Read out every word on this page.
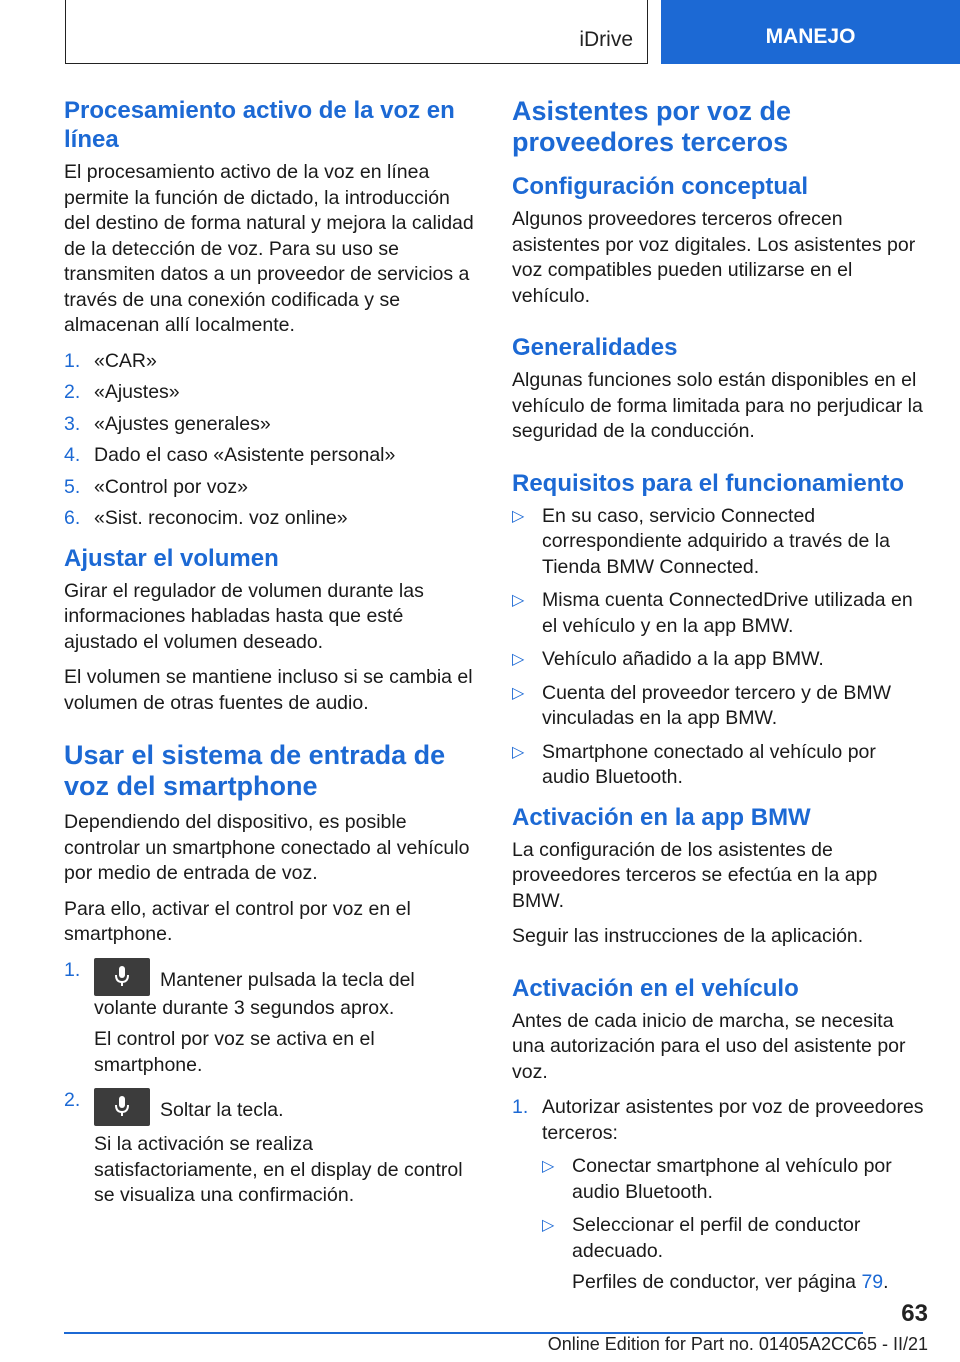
iDrive	MANEJO
Procesamiento activo de la voz en línea

El procesamiento activo de la voz en línea permite la función de dictado, la introducción del destino de forma natural y mejora la calidad de la detección de voz. Para su uso se transmiten datos a un proveedor de servicios a través de una conexión codificada y se almacenan allí localmente.

1. «CAR»
2. «Ajustes»
3. «Ajustes generales»
4. Dado el caso «Asistente personal»
5. «Control por voz»
6. «Sist. reconocim. voz online»
Ajustar el volumen

Girar el regulador de volumen durante las informaciones habladas hasta que esté ajustado el volumen deseado.

El volumen se mantiene incluso si se cambia el volumen de otras fuentes de audio.

Usar el sistema de entrada de voz del smartphone

Dependiendo del dispositivo, es posible controlar un smartphone conectado al vehículo por medio de entrada de voz.

Para ello, activar el control por voz en el smartphone.

1.	Mantener pulsada la tecla del volante durante 3 segundos aprox.

El control por voz se activa en el smartphone.

2.	Soltar la tecla.

Si la activación se realiza satisfactoriamente, en el display de control se visualiza una confirmación.

Asistentes por voz de proveedores terceros
Configuración conceptual

Algunos proveedores terceros ofrecen asistentes por voz digitales. Los asistentes por voz compatibles pueden utilizarse en el vehículo.

Generalidades

Algunas funciones solo están disponibles en el vehículo de forma limitada para no perjudicar la seguridad de la conducción.

Requisitos para el funcionamiento
▷ En su caso, servicio Connected correspondiente adquirido a través de la Tienda BMW Connected.
▷ Misma cuenta ConnectedDrive utilizada en el vehículo y en la app BMW.
▷ Vehículo añadido a la app BMW.
▷ Cuenta del proveedor tercero y de BMW vinculadas en la app BMW.
▷ Smartphone conectado al vehículo por audio Bluetooth.
Activación en la app BMW

La configuración de los asistentes de proveedores terceros se efectúa en la app BMW.

Seguir las instrucciones de la aplicación.

Activación en el vehículo

Antes de cada inicio de marcha, se necesita una autorización para el uso del asistente por voz.

1. Autorizar asistentes por voz de proveedores terceros:
▷ Conectar smartphone al vehículo por audio Bluetooth.
▷ Seleccionar el perfil de conductor adecuado.

Perfiles de conductor, ver página 79.

63
Online Edition for Part no. 01405A2CC65 - II/21
